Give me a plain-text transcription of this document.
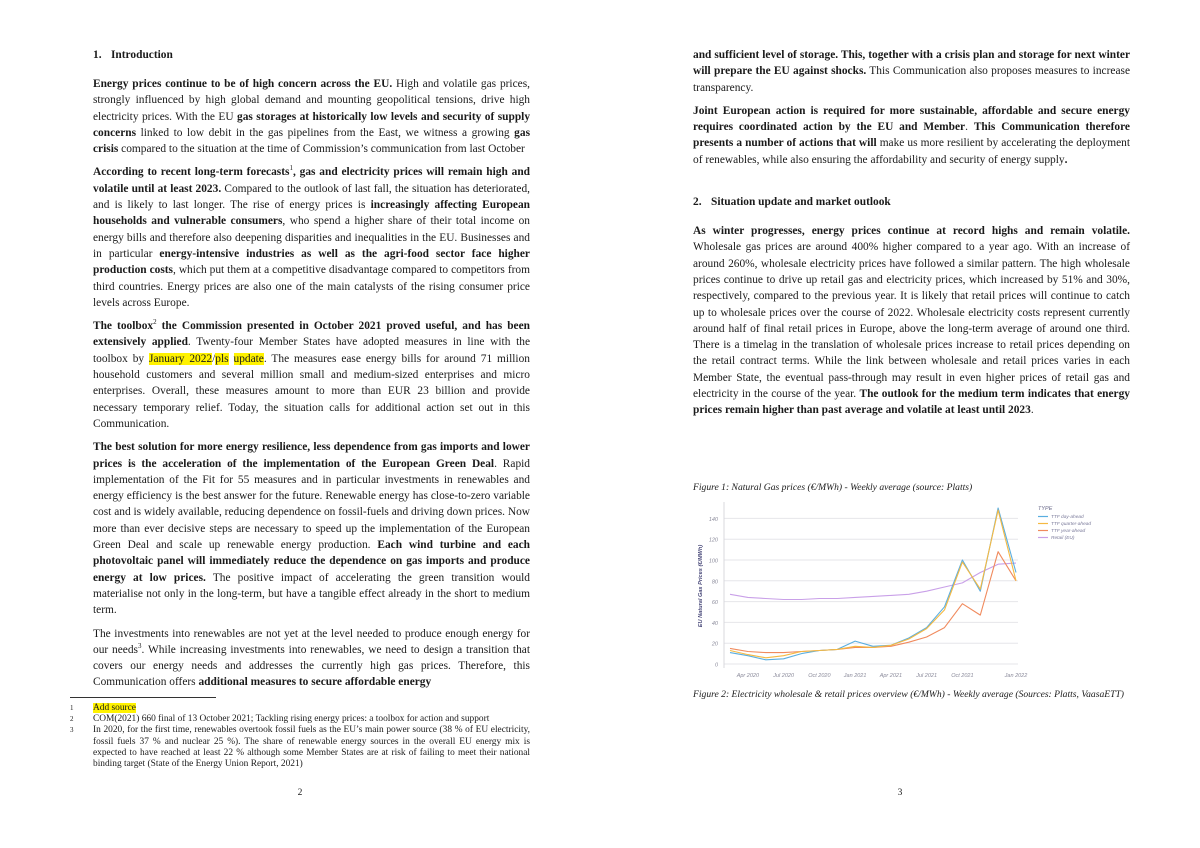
1. Introduction

Energy prices continue to be of high concern across the EU. High and volatile gas prices, strongly influenced by high global demand and mounting geopolitical tensions, drive high electricity prices. With the EU gas storages at historically low levels and security of supply concerns linked to low debit in the gas pipelines from the East, we witness a growing gas crisis compared to the situation at the time of Commission’s communication from last October

According to recent long-term forecasts$^1$, gas and electricity prices will remain high and volatile until at least 2023. Compared to the outlook of last fall, the situation has deteriorated, and is likely to last longer. The rise of energy prices is increasingly affecting European households and vulnerable consumers, who spend a higher share of their total income on energy bills and therefore also deepening disparities and inequalities in the EU. Businesses and in particular energy-intensive industries as well as the agri-food sector face higher production costs, which put them at a competitive disadvantage compared to competitors from third countries. Energy prices are also one of the main catalysts of the rising consumer price levels across Europe.

The toolbox$^2$ the Commission presented in October 2021 proved useful, and has been extensively applied. Twenty-four Member States have adopted measures in line with the toolbox by January 2022/pls update. The measures ease energy bills for around 71 million household customers and several million small and medium-sized enterprises and micro enterprises. Overall, these measures amount to more than EUR 23 billion and provide necessary temporary relief. Today, the situation calls for additional action set out in this Communication.

The best solution for more energy resilience, less dependence from gas imports and lower prices is the acceleration of the implementation of the European Green Deal. Rapid implementation of the Fit for 55 measures and in particular investments in renewables and energy efficiency is the best answer for the future. Renewable energy has close-to-zero variable cost and is widely available, reducing dependence on fossil-fuels and driving down prices. Now more than ever decisive steps are necessary to speed up the implementation of the European Green Deal and scale up renewable energy production. Each wind turbine and each photovoltaic panel will immediately reduce the dependence on gas imports and produce energy at low prices. The positive impact of accelerating the green transition would materialise not only in the long-term, but have a tangible effect already in the short to medium term.

The investments into renewables are not yet at the level needed to produce enough energy for our needs$^3$. While increasing investments into renewables, we need to design a transition that covers our energy needs and addresses the currently high gas prices. Therefore, this Communication offers additional measures to secure affordable energy

1	Add source
2	COM(2021) 660 final of 13 October 2021; Tackling rising energy prices: a toolbox for action and support
3	In 2020, for the first time, renewables overtook fossil fuels as the EU’s main power source (38 % of EU electricity, fossil fuels 37 % and nuclear 25 %). The share of renewable energy sources in the overall EU energy mix is expected to have reached at least 22 % although some Member States are at risk of failing to meet their national binding target (State of the Energy Union Report, 2021)
2

and sufficient level of storage. This, together with a crisis plan and storage for next winter will prepare the EU against shocks. This Communication also proposes measures to increase transparency.

Joint European action is required for more sustainable, affordable and secure energy requires coordinated action by the EU and Member. This Communication therefore presents a number of actions that will make us more resilient by accelerating the deployment of renewables, while also ensuring the affordability and security of energy supply.

2. Situation update and market outlook

As winter progresses, energy prices continue at record highs and remain volatile. Wholesale gas prices are around 400% higher compared to a year ago. With an increase of around 260%, wholesale electricity prices have followed a similar pattern. The high wholesale prices continue to drive up retail gas and electricity prices, which increased by 51% and 30%, respectively, compared to the previous year. It is likely that retail prices will continue to catch up to wholesale prices over the course of 2022. Wholesale electricity costs represent currently around half of final retail prices in Europe, above the long-term average of around one third. There is a timelag in the translation of wholesale prices increase to retail prices depending on the retail contract terms. While the link between wholesale and retail prices varies in each Member State, the eventual pass-through may result in even higher prices of retail gas and electricity in the course of the year. The outlook for the medium term indicates that energy prices remain higher than past average and volatile at least until 2023.

Figure 1: Natural Gas prices (€/MWh) - Weekly average (source: Platts)
0
20
40
60
80
100
120
140
EU Natural Gas Prices (€/MWh)
Apr 2020	Jul 2020	Oct 2020 Jan 2021 Apr 2021	Jul 2021	Oct 2021	Jan 2022
TYPE
TTF day-ahead
TTF quarter-ahead
TTF year-ahead
Retail (EU)
Figure 2: Electricity wholesale & retail prices overview (€/MWh) - Weekly average (Sources: Platts, VaasaETT)
3
